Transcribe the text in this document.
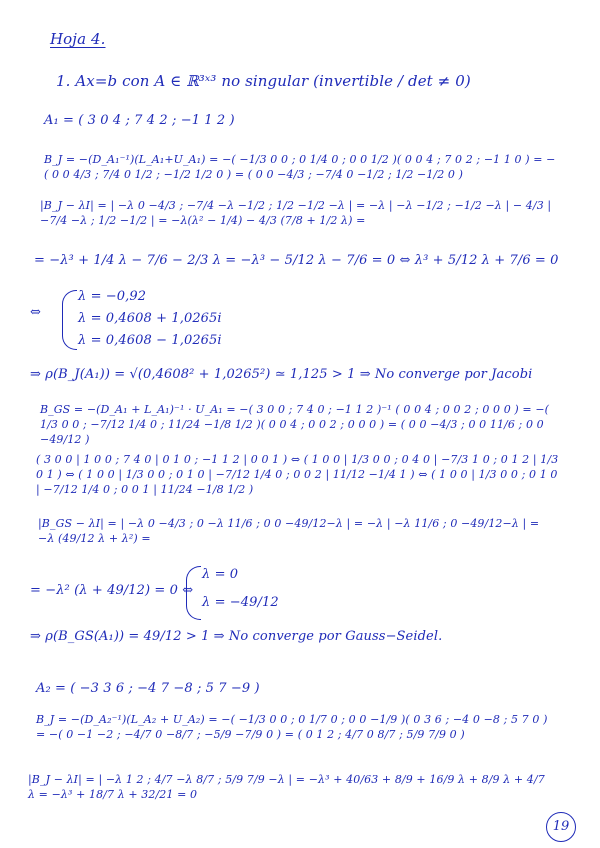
Hoja 4.
1. Ax=b con A ∈ ℝ³ˣ³ no singular (invertible / det ≠ 0)
A₁ = ( 3 0 4 ; 7 4 2 ; −1 1 2 )
B_J = −(D_A₁⁻¹)(L_A₁+U_A₁) = −( −1/3 0 0 ; 0 1/4 0 ; 0 0 1/2 )( 0 0 4 ; 7 0 2 ; −1 1 0 ) = −( 0 0 4/3 ; 7/4 0 1/2 ; −1/2 1/2 0 ) = ( 0 0 −4/3 ; −7/4 0 −1/2 ; 1/2 −1/2 0 )
|B_J − λI| = | −λ 0 −4/3 ; −7/4 −λ −1/2 ; 1/2 −1/2 −λ | = −λ | −λ −1/2 ; −1/2 −λ | − 4/3 | −7/4 −λ ; 1/2 −1/2 | = −λ(λ² − 1/4) − 4/3 (7/8 + 1/2 λ) =
= −λ³ + 1/4 λ − 7/6 − 2/3 λ = −λ³ − 5/12 λ − 7/6 = 0 ⇔ λ³ + 5/12 λ + 7/6 = 0
⇔
λ = −0,92
λ = 0,4608 + 1,0265i
λ = 0,4608 − 1,0265i
⇒ ρ(B_J(A₁)) = √(0,4608² + 1,0265²) ≃ 1,125 > 1 ⇒ No converge por Jacobi
B_GS = −(D_A₁ + L_A₁)⁻¹ · U_A₁ = −( 3 0 0 ; 7 4 0 ; −1 1 2 )⁻¹ ( 0 0 4 ; 0 0 2 ; 0 0 0 ) = −( 1/3 0 0 ; −7/12 1/4 0 ; 11/24 −1/8 1/2 )( 0 0 4 ; 0 0 2 ; 0 0 0 ) = ( 0 0 −4/3 ; 0 0 11/6 ; 0 0 −49/12 )
( 3 0 0 | 1 0 0 ; 7 4 0 | 0 1 0 ; −1 1 2 | 0 0 1 ) ⇔ ( 1 0 0 | 1/3 0 0 ; 0 4 0 | −7/3 1 0 ; 0 1 2 | 1/3 0 1 ) ⇔ ( 1 0 0 | 1/3 0 0 ; 0 1 0 | −7/12 1/4 0 ; 0 0 2 | 11/12 −1/4 1 ) ⇔ ( 1 0 0 | 1/3 0 0 ; 0 1 0 | −7/12 1/4 0 ; 0 0 1 | 11/24 −1/8 1/2 )
|B_GS − λI| = | −λ 0 −4/3 ; 0 −λ 11/6 ; 0 0 −49/12−λ | = −λ | −λ 11/6 ; 0 −49/12−λ | = −λ (49/12 λ + λ²) =
= −λ² (λ + 49/12) = 0 ⇔
λ = 0
λ = −49/12
⇒ ρ(B_GS(A₁)) = 49/12 > 1 ⇒ No converge por Gauss−Seidel.
A₂ = ( −3 3 6 ; −4 7 −8 ; 5 7 −9 )
B_J = −(D_A₂⁻¹)(L_A₂ + U_A₂) = −( −1/3 0 0 ; 0 1/7 0 ; 0 0 −1/9 )( 0 3 6 ; −4 0 −8 ; 5 7 0 ) = −( 0 −1 −2 ; −4/7 0 −8/7 ; −5/9 −7/9 0 ) = ( 0 1 2 ; 4/7 0 8/7 ; 5/9 7/9 0 )
|B_J − λI| = | −λ 1 2 ; 4/7 −λ 8/7 ; 5/9 7/9 −λ | = −λ³ + 40/63 + 8/9 + 16/9 λ + 8/9 λ + 4/7 λ = −λ³ + 18/7 λ + 32/21 = 0
19
